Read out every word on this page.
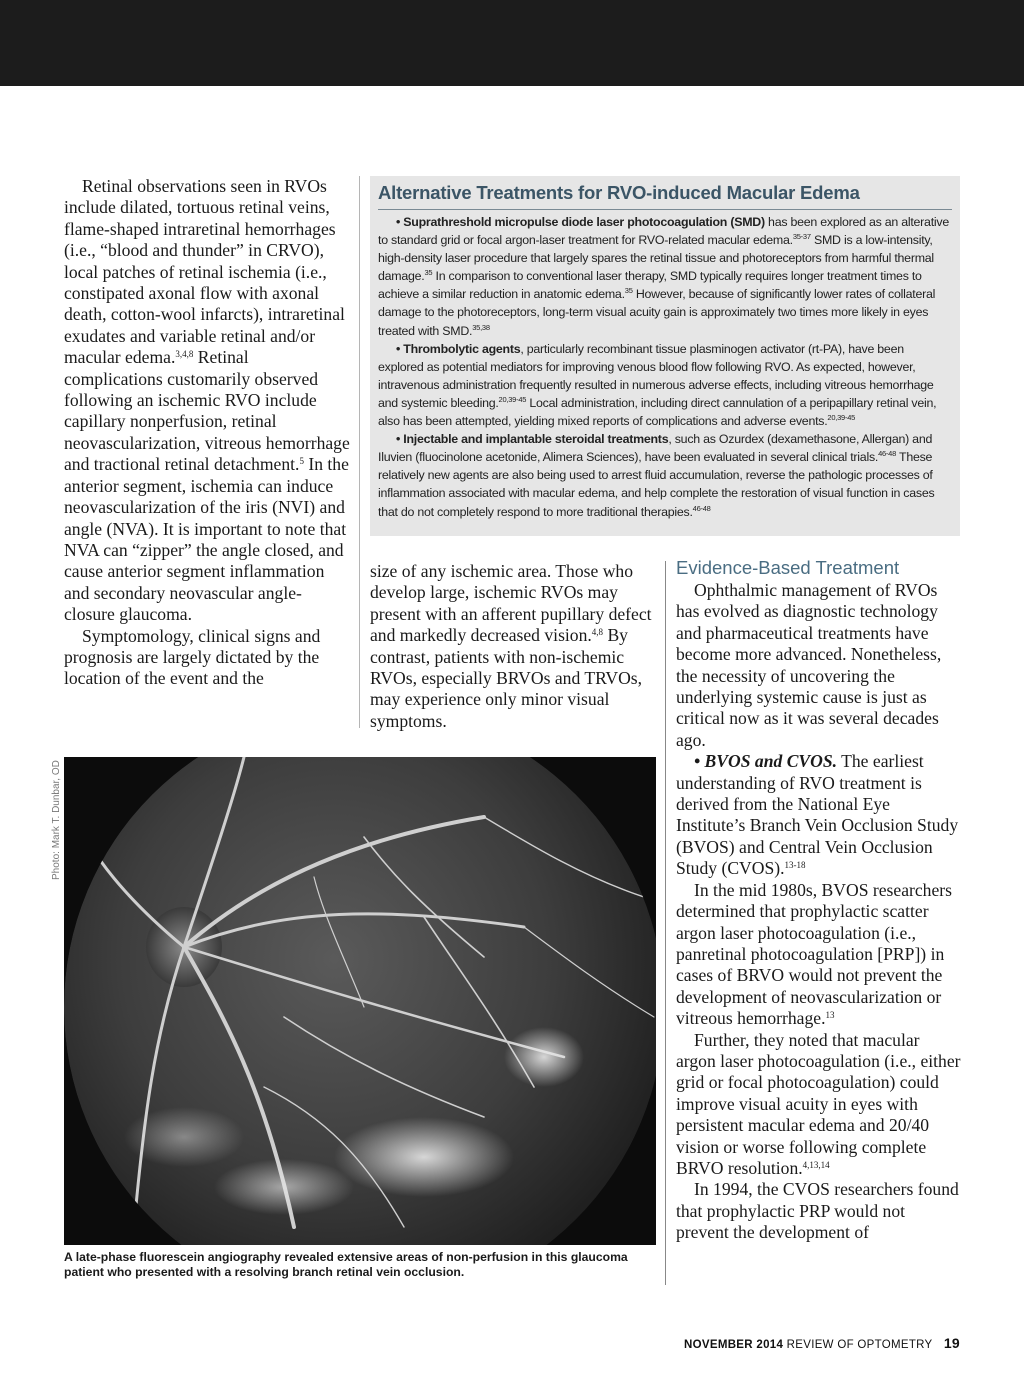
Retinal observations seen in RVOs include dilated, tortuous retinal veins, flame-shaped intraretinal hemorrhages (i.e., “blood and thunder” in CRVO), local patches of retinal ischemia (i.e., constipated axonal flow with axonal death, cotton-wool infarcts), intraretinal exudates and variable retinal and/or macular edema.$^{3,4,8}$ Retinal complications customarily observed following an ischemic RVO include capillary nonperfusion, retinal neovascularization, vitreous hemorrhage and tractional retinal detachment.$^5$ In the anterior segment, ischemia can induce neovascularization of the iris (NVI) and angle (NVA). It is important to note that NVA can “zipper” the angle closed, and cause anterior segment inflammation and secondary neovascular angle-closure glaucoma.

Symptomology, clinical signs and prognosis are largely dictated by the location of the event and the

Alternative Treatments for RVO-induced Macular Edema

• Suprathreshold micropulse diode laser photocoagulation (SMD) has been explored as an alterative to standard grid or focal argon-laser treatment for RVO-related macular edema.$^{35-37}$ SMD is a low-intensity, high-density laser procedure that largely spares the retinal tissue and photoreceptors from harmful thermal damage.$^{35}$ In comparison to conventional laser therapy, SMD typically requires longer treatment times to achieve a similar reduction in anatomic edema.$^{35}$ However, because of significantly lower rates of collateral damage to the photoreceptors, long-term visual acuity gain is approximately two times more likely in eyes treated with SMD.$^{35,38}$

• Thrombolytic agents, particularly recombinant tissue plasminogen activator (rt-PA), have been explored as potential mediators for improving venous blood flow following RVO. As expected, however, intravenous administration frequently resulted in numerous adverse effects, including vitreous hemorrhage and systemic bleeding.$^{20,39-45}$ Local administration, including direct cannulation of a peripapillary retinal vein, also has been attempted, yielding mixed reports of complications and adverse events.$^{20,39-45}$

• Injectable and implantable steroidal treatments, such as Ozurdex (dexamethasone, Allergan) and Iluvien (fluocinolone acetonide, Alimera Sciences), have been evaluated in several clinical trials.$^{46-48}$ These relatively new agents are also being used to arrest fluid accumulation, reverse the pathologic processes of inflammation associated with macular edema, and help complete the restoration of visual function in cases that do not completely respond to more traditional therapies.$^{46-48}$

size of any ischemic area. Those who develop large, ischemic RVOs may present with an afferent pupillary defect and markedly decreased vision.$^{4,8}$ By contrast, patients with non-ischemic RVOs, especially BRVOs and TRVOs, may experience only minor visual symptoms.

Evidence-Based Treatment

Ophthalmic management of RVOs has evolved as diagnostic technology and pharmaceutical treatments have become more advanced. Nonetheless, the necessity of uncovering the underlying systemic cause is just as critical now as it was several decades ago.

• BVOS and CVOS. The earliest understanding of RVO treatment is derived from the National Eye Institute’s Branch Vein Occlusion Study (BVOS) and Central Vein Occlusion Study (CVOS).$^{13-18}$

In the mid 1980s, BVOS researchers determined that prophylactic scatter argon laser photocoagulation (i.e., panretinal photocoagulation [PRP]) in cases of BRVO would not prevent the development of neovascularization or vitreous hemorrhage.$^{13}$

Further, they noted that macular argon laser photocoagulation (i.e., either grid or focal photocoagulation) could improve visual acuity in eyes with persistent macular edema and 20/40 vision or worse following complete BRVO resolution.$^{4,13,14}$

In 1994, the CVOS researchers found that prophylactic PRP would not prevent the development of

Photo: Mark T. Dunbar, OD
A late-phase fluorescein angiography revealed extensive areas of non-perfusion in this glaucoma patient who presented with a resolving branch retinal vein occlusion.
NOVEMBER 2014 REVIEW OF OPTOMETRY 19
